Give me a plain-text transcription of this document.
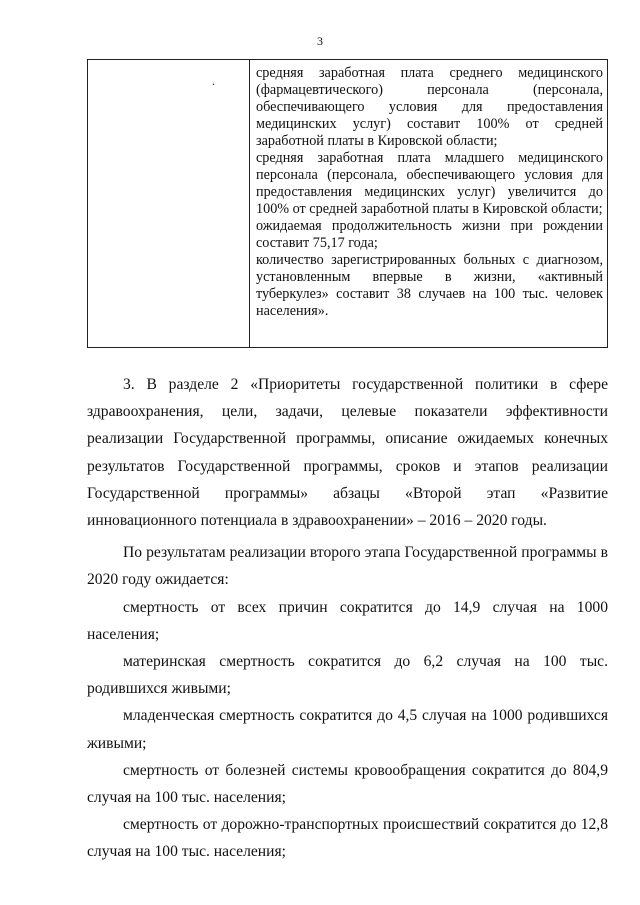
3
.	средняя заработная плата среднего медицинского (фармацевтического) персонала (персонала, обеспечивающего условия для предоставления медицинских услуг) составит 100% от средней заработной платы в Кировской области;

средняя заработная плата младшего медицинского персонала (персонала, обеспечивающего условия для предоставления медицинских услуг) увеличится до 100% от средней заработной платы в Кировской области;

ожидаемая продолжительность жизни при рождении составит 75,17 года;

количество зарегистрированных больных с диагнозом, установленным впервые в жизни, «активный туберкулез» составит 38 случаев на 100 тыс. человек населения».

3. В разделе 2 «Приоритеты государственной политики в сфере здравоохранения, цели, задачи, целевые показатели эффективности реализации Государственной программы, описание ожидаемых конечных результатов Государственной программы, сроков и этапов реализации Государственной программы» абзацы «Второй этап «Развитие инновационного потенциала в здравоохранении» – 2016 – 2020 годы.

По результатам реализации второго этапа Государственной программы в 2020 году ожидается:

смертность от всех причин сократится до 14,9 случая на 1000 населения;

материнская смертность сократится до 6,2 случая на 100 тыс. родившихся живыми;

младенческая смертность сократится до 4,5 случая на 1000 родившихся живыми;

смертность от болезней системы кровообращения сократится до 804,9 случая на 100 тыс. населения;

смертность от дорожно-транспортных происшествий сократится до 12,8 случая на 100 тыс. населения;
